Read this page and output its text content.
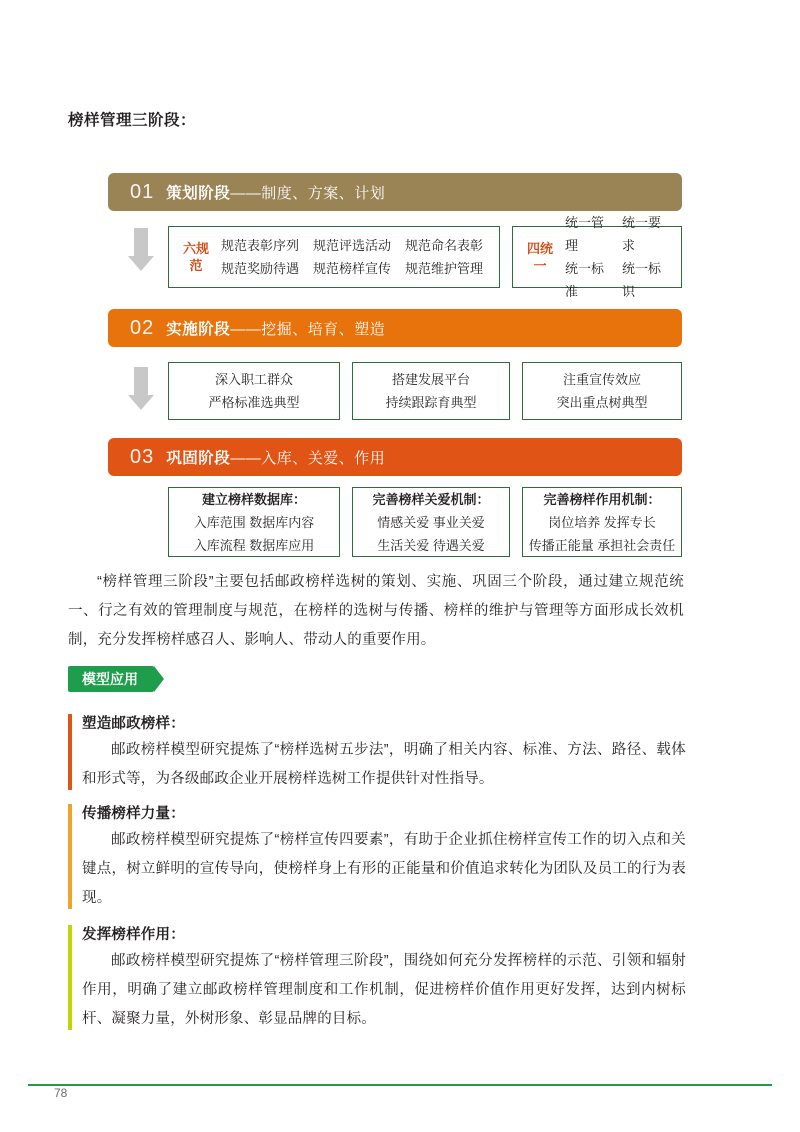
榜样管理三阶段：
01 策划阶段 ——制度、方案、计划
六规范
规范表彰序列
规范奖励待遇
规范评选活动
规范榜样宣传
规范命名表彰
规范维护管理
四统一
统一管理
统一标准
统一要求
统一标识
02 实施阶段 ——挖掘、培育、塑造
深入职工群众
严格标准选典型
搭建发展平台
持续跟踪育典型
注重宣传效应
突出重点树典型
03 巩固阶段 ——入库、关爱、作用
建立榜样数据库：
入库范围 数据库内容
入库流程 数据库应用
完善榜样关爱机制：
情感关爱 事业关爱
生活关爱 待遇关爱
完善榜样作用机制：
岗位培养 发挥专长
传播正能量 承担社会责任
“榜样管理三阶段”主要包括邮政榜样选树的策划、实施、巩固三个阶段，通过建立规范统一、行之有效的管理制度与规范，在榜样的选树与传播、榜样的维护与管理等方面形成长效机制，充分发挥榜样感召人、影响人、带动人的重要作用。
模型应用
塑造邮政榜样：

邮政榜样模型研究提炼了“榜样选树五步法”，明确了相关内容、标准、方法、路径、载体和形式等，为各级邮政企业开展榜样选树工作提供针对性指导。

传播榜样力量：

邮政榜样模型研究提炼了“榜样宣传四要素”，有助于企业抓住榜样宣传工作的切入点和关键点，树立鲜明的宣传导向，使榜样身上有形的正能量和价值追求转化为团队及员工的行为表现。

发挥榜样作用：

邮政榜样模型研究提炼了“榜样管理三阶段”，围绕如何充分发挥榜样的示范、引领和辐射作用，明确了建立邮政榜样管理制度和工作机制，促进榜样价值作用更好发挥，达到内树标杆、凝聚力量，外树形象、彰显品牌的目标。

78
